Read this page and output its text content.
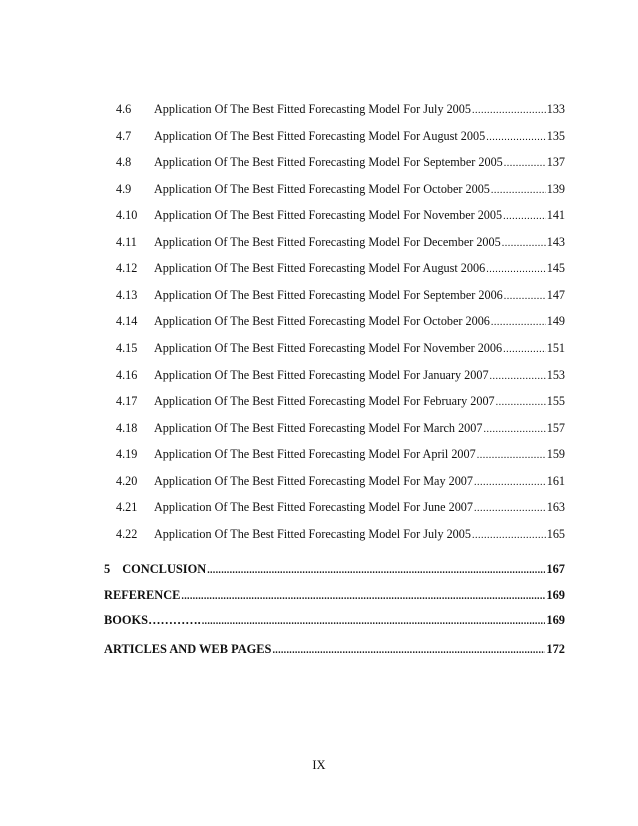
4.6 Application Of The Best Fitted Forecasting Model For July 2005 .....	133
4.7 Application Of The Best Fitted Forecasting Model For August 2005 .....	135
4.8 Application Of The Best Fitted Forecasting Model For September 2005 .....	137
4.9 Application Of The Best Fitted Forecasting Model For October 2005 .....	139
4.10 Application Of The Best Fitted Forecasting Model For November 2005 .....	141
4.11 Application Of The Best Fitted Forecasting Model For December 2005 .....	143
4.12 Application Of The Best Fitted Forecasting Model For August 2006 .....	145
4.13 Application Of The Best Fitted Forecasting Model For September 2006 .....	147
4.14 Application Of The Best Fitted Forecasting Model For October 2006 .....	149
4.15 Application Of The Best Fitted Forecasting Model For November 2006 .....	151
4.16 Application Of The Best Fitted Forecasting Model For January 2007 .....	153
4.17 Application Of The Best Fitted Forecasting Model For February 2007 .....	155
4.18 Application Of The Best Fitted Forecasting Model For March 2007 .....	157
4.19 Application Of The Best Fitted Forecasting Model For April 2007 .....	159
4.20 Application Of The Best Fitted Forecasting Model For May 2007 .....	161
4.21 Application Of The Best Fitted Forecasting Model For June 2007 .....	163
4.22 Application Of The Best Fitted Forecasting Model For July 2005 .....	165
5 CONCLUSION .....	167
REFERENCE .....	169
BOOKS…………. .....	169
ARTICLES AND WEB PAGES .....	172
IX
